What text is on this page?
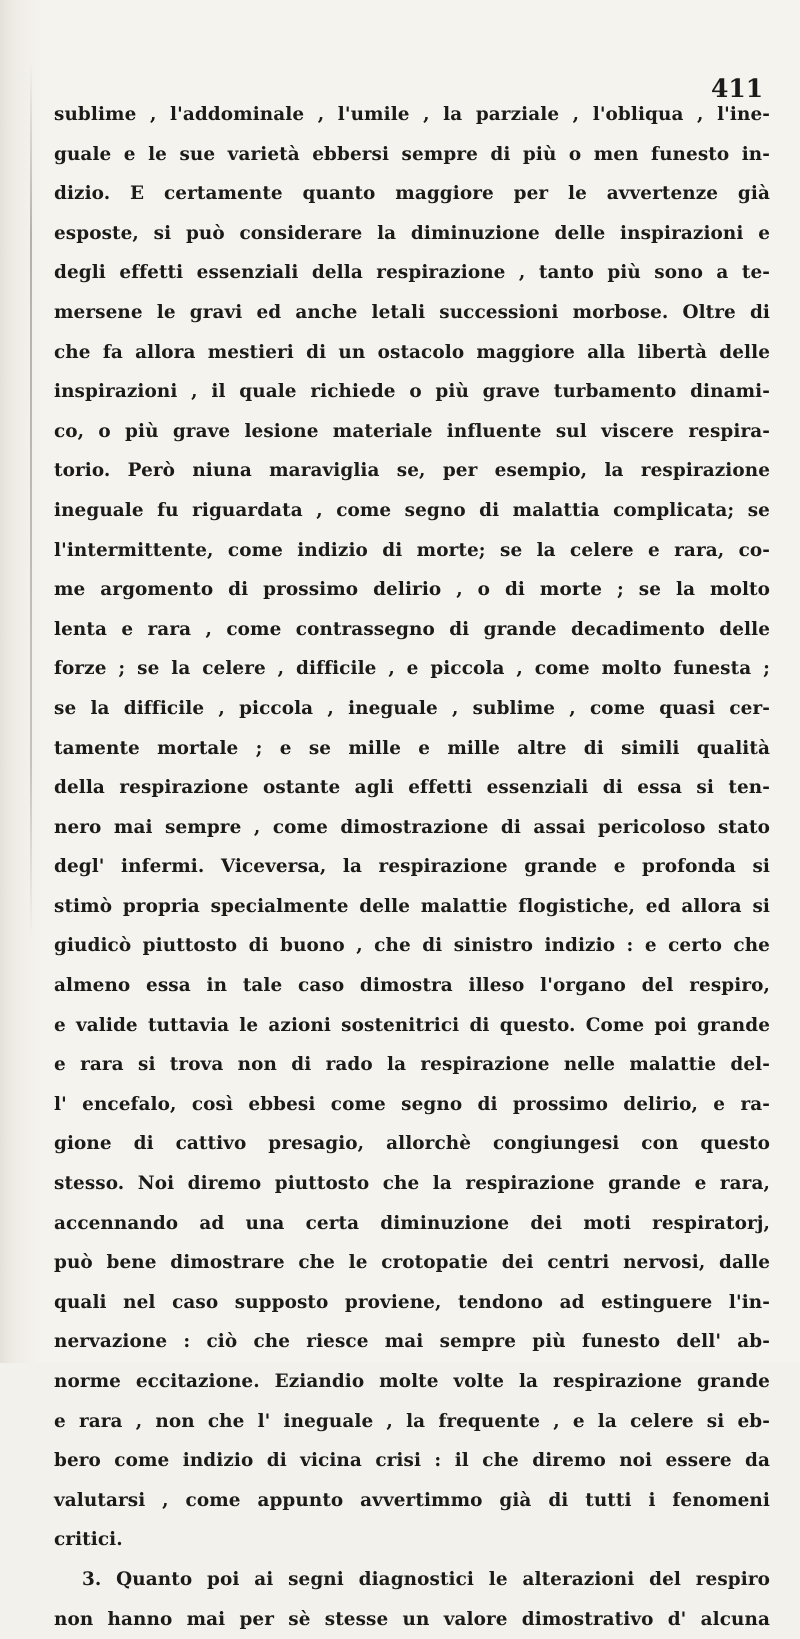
411
sublime , l'addominale , l'umile , la parziale , l'obliqua , l'ine-
guale e le sue varietà ebbersi sempre di più o men funesto in-
dizio. E certamente quanto maggiore per le avvertenze già
esposte, si può considerare la diminuzione delle inspirazioni e
degli effetti essenziali della respirazione , tanto più sono a te-
mersene le gravi ed anche letali successioni morbose. Oltre di
che fa allora mestieri di un ostacolo maggiore alla libertà delle
inspirazioni , il quale richiede o più grave turbamento dinami-
co, o più grave lesione materiale influente sul viscere respira-
torio. Però niuna maraviglia se, per esempio, la respirazione
ineguale fu riguardata , come segno di malattia complicata; se
l'intermittente, come indizio di morte; se la celere e rara, co-
me argomento di prossimo delirio , o di morte ; se la molto
lenta e rara , come contrassegno di grande decadimento delle
forze ; se la celere , difficile , e piccola , come molto funesta ;
se la difficile , piccola , ineguale , sublime , come quasi cer-
tamente mortale ; e se mille e mille altre di simili qualità
della respirazione ostante agli effetti essenziali di essa si ten-
nero mai sempre , come dimostrazione di assai pericoloso stato
degl' infermi. Viceversa, la respirazione grande e profonda si
stimò propria specialmente delle malattie flogistiche, ed allora si
giudicò piuttosto di buono , che di sinistro indizio : e certo che
almeno essa in tale caso dimostra illeso l'organo del respiro,
e valide tuttavia le azioni sostenitrici di questo. Come poi grande
e rara si trova non di rado la respirazione nelle malattie del-
l' encefalo, così ebbesi come segno di prossimo delirio, e ra-
gione di cattivo presagio, allorchè congiungesi con questo
stesso. Noi diremo piuttosto che la respirazione grande e rara,
accennando ad una certa diminuzione dei moti respiratorj,
può bene dimostrare che le crotopatie dei centri nervosi, dalle
quali nel caso supposto proviene, tendono ad estinguere l'in-
nervazione : ciò che riesce mai sempre più funesto dell' ab-
norme eccitazione. Eziandio molte volte la respirazione grande
e rara , non che l' ineguale , la frequente , e la celere si eb-
bero come indizio di vicina crisi : il che diremo noi essere da
valutarsi , come appunto avvertimmo già di tutti i fenomeni
critici.
3. Quanto poi ai segni diagnostici le alterazioni del respiro
non hanno mai per sè stesse un valore dimostrativo d' alcuna
